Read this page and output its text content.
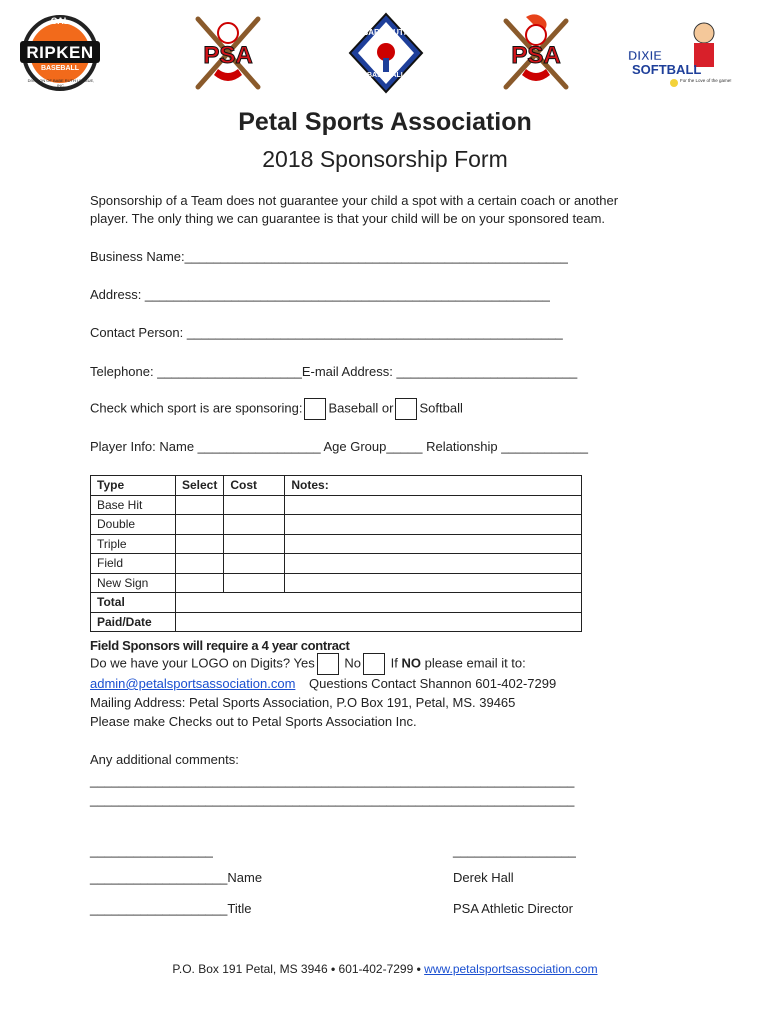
CAL
RIPKEN
BASEBALL
DIVISION OF BABE RUTH LEAGUE, INC.
PSA
BABE RUTH
BASEBALL
PSA	DIXIE
SOFTBALL
For the Love of the game!
Petal Sports Association
2018 Sponsorship Form
Sponsorship of a Team does not guarantee your child a spot with a certain coach or another
player. The only thing we can guarantee is that your child will be on your sponsored team.
Business Name:_____________________________________________________
Address: ________________________________________________________
Contact Person: ____________________________________________________
Telephone: ____________________E-mail Address: _________________________
Check which sport is are sponsoring: Baseball or Softball
Player Info: Name _________________ Age Group_____ Relationship ____________
Type	Select	Cost	Notes:
Base Hit			
Double			
Triple			
Field			
New Sign			
Total			
Paid/Date			
Field Sponsors will require a 4 year contract
Do we have your LOGO on Digits? Yes No If NO please email it to:
admin@petalsportsassociation.com Questions Contact Shannon 601-402-7299
Mailing Address: Petal Sports Association, P.O Box 191, Petal, MS. 39465
Please make Checks out to Petal Sports Association Inc.
Any additional comments:
___________________________________________________________________
___________________________________________________________________
_________________
___________________Name
___________________Title
_________________
Derek Hall
PSA Athletic Director
P.O. Box 191 Petal, MS 3946 • 601-402-7299 • www.petalsportsassociation.com
